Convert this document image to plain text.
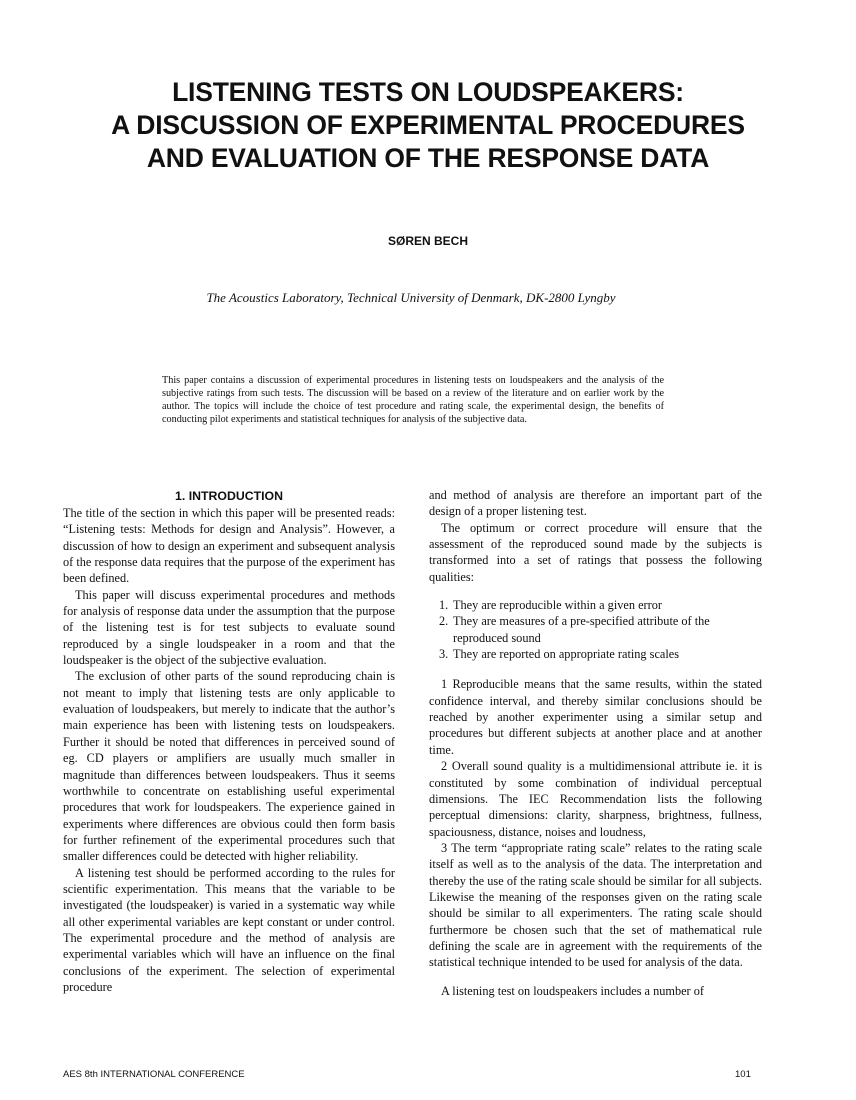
LISTENING TESTS ON LOUDSPEAKERS:
A DISCUSSION OF EXPERIMENTAL PROCEDURES
AND EVALUATION OF THE RESPONSE DATA

SØREN BECH

The Acoustics Laboratory, Technical University of Denmark, DK-2800 Lyngby

This paper contains a discussion of experimental procedures in listening tests on loudspeakers and the analysis of the subjective ratings from such tests. The discussion will be based on a review of the literature and on earlier work by the author. The topics will include the choice of test procedure and rating scale, the experimental design, the benefits of conducting pilot experiments and statistical techniques for analysis of the subjective data.

1. INTRODUCTION

The title of the section in which this paper will be presented reads: “Listening tests: Methods for design and Analysis”. However, a discussion of how to design an experiment and subsequent analysis of the response data requires that the purpose of the experiment has been defined.

This paper will discuss experimental procedures and methods for analysis of response data under the assumption that the purpose of the listening test is for test subjects to evaluate sound reproduced by a single loudspeaker in a room and that the loudspeaker is the object of the subjective evaluation.

The exclusion of other parts of the sound reproducing chain is not meant to imply that listening tests are only applicable to evaluation of loudspeakers, but merely to indicate that the author’s main experience has been with listening tests on loudspeakers. Further it should be noted that differences in perceived sound of eg. CD players or amplifiers are usually much smaller in magnitude than differences between loudspeakers. Thus it seems worthwhile to concentrate on establishing useful experimental procedures that work for loudspeakers. The experience gained in experiments where differences are obvious could then form basis for further refinement of the experimental procedures such that smaller differences could be detected with higher reliability.

A listening test should be performed according to the rules for scientific experimentation. This means that the variable to be investigated (the loudspeaker) is varied in a systematic way while all other experimental variables are kept constant or under control. The experimental procedure and the method of analysis are experimental variables which will have an influence on the final conclusions of the experiment. The selection of experimental procedure

and method of analysis are therefore an important part of the design of a proper listening test.

The optimum or correct procedure will ensure that the assessment of the reproduced sound made by the subjects is transformed into a set of ratings that possess the following qualities:

1. They are reproducible within a given error
2. They are measures of a pre-specified attribute of the reproduced sound
3. They are reported on appropriate rating scales

1 Reproducible means that the same results, within the stated confidence interval, and thereby similar conclusions should be reached by another experimenter using a similar setup and procedures but different subjects at another place and at another time.

2 Overall sound quality is a multidimensional attribute ie. it is constituted by some combination of individual perceptual dimensions. The IEC Recommendation lists the following perceptual dimensions: clarity, sharpness, brightness, fullness, spaciousness, distance, noises and loudness,

3 The term “appropriate rating scale” relates to the rating scale itself as well as to the analysis of the data. The interpretation and thereby the use of the rating scale should be similar for all subjects. Likewise the meaning of the responses given on the rating scale should be similar to all experimenters. The rating scale should furthermore be chosen such that the set of mathematical rule defining the scale are in agreement with the requirements of the statistical technique intended to be used for analysis of the data.

A listening test on loudspeakers includes a number of

AES 8th INTERNATIONAL CONFERENCE	101
